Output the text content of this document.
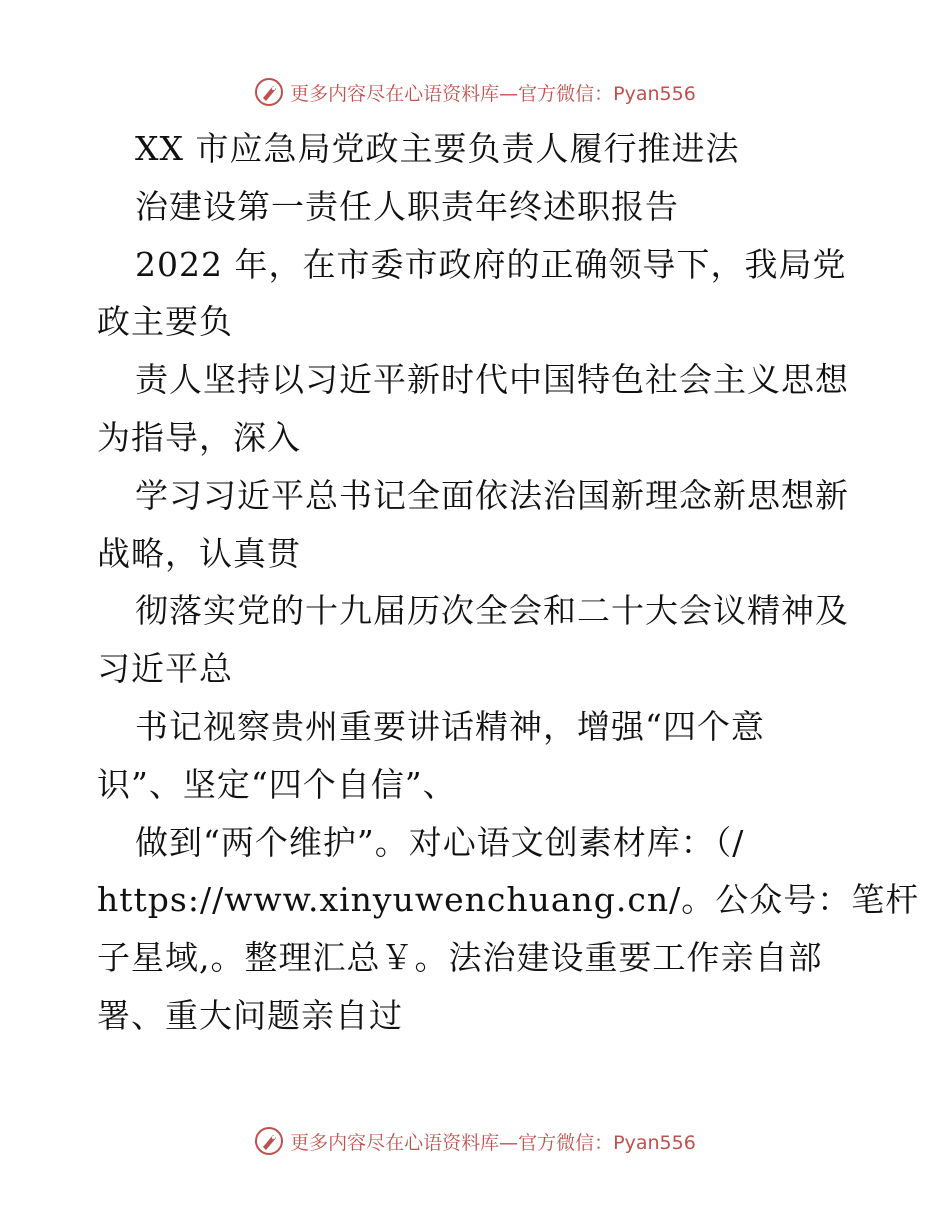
更多内容尽在心语资料库—官方微信：Pyan556
XX 市应急局党政主要负责人履行推进法
治建设第一责任人职责年终述职报告
2022 年，在市委市政府的正确领导下，我局党
政主要负
责人坚持以习近平新时代中国特色社会主义思想
为指导，深入
学习习近平总书记全面依法治国新理念新思想新
战略，认真贯
彻落实党的十九届历次全会和二十大会议精神及
习近平总
书记视察贵州重要讲话精神，增强“四个意
识”、坚定“四个自信”、
做到“两个维护”。对心语文创素材库：（/
https://www.xinyuwenchuang.cn/。公众号：笔杆
子星域,。整理汇总￥。法治建设重要工作亲自部
署、重大问题亲自过
更多内容尽在心语资料库—官方微信：Pyan556
